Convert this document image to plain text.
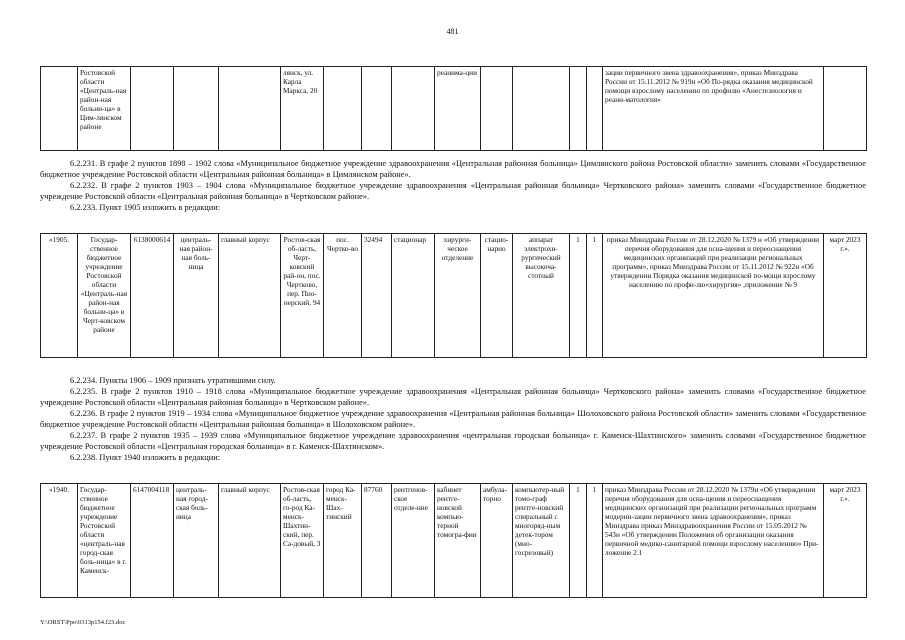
481
	Ростовской области «Централь-ная район-ная больни-ца» в Цим-лянском районе				лянск, ул. Карла Маркса, 20				реанима-ции					зации первичного звена здравоохранения», приказ Минздрава России от 15.11.2012 № 919н «Об По-рядка оказания медицинской помощи взрослому населению по профилю «Анестезиология и реани-матология»	
6.2.231. В графе 2 пунктов 1898 – 1902 слова «Муниципальное бюджетное учреждение здравоохранения «Центральная районная больница» Цимлянского района Ростовской области» заменить словами «Государственное бюджетное учреждение Ростовской области «Центральная районная больница» в Цимлянском районе».
6.2.232. В графе 2 пунктов 1903 – 1904 слова «Муниципальное бюджетное учреждение здравоохранения «Центральная районная больница» Чертковского района» заменить словами «Государственное бюджетное учреждение Ростовской области «Центральная районная больница» в Чертковском районе».
6.2.233. Пункт 1905 изложить в редакции:
«1905.	Государ-ственное бюджетное учреждение Ростовской области «Централь-ная район-ная больни-ца» в Черт-ковском районе	6138000614	централь-ная район-ная боль-ница	главный корпус	Ростов-ская об-ласть, Черт-ковский рай-он, пос. Чертково, пер. Пио-нерский, 94	пос. Чертко-во	32494	стационар	хирурги-ческое отделение	стацио-нарно	аппарат электрохи-рургический высокоча-стотный	1	1	приказ Минздрава России от 28.12.2020 № 1379 н «Об утверждении перечня оборудования для осна-щения и переоснащения медицинских организаций при реализации региональных программ», приказ Минздрава России от 15.11.2012 № 922н «Об утверждении Порядка оказания медицинской по-мощи взрослому населению по профи-лю«хирургия» ,приложение № 9	март 2023 г.».
6.2.234. Пункты 1906 – 1909 признать утратившими силу.
6.2.235. В графе 2 пунктов 1910 – 1918 слова «Муниципальное бюджетное учреждение здравоохранения «Центральная районная больница» Чертковского района» заменить словами «Государственное бюджетное учреждение Ростовской области «Центральная районная больница» в Чертковском районе».
6.2.236. В графе 2 пунктов 1919 – 1934 слова «Муниципальное бюджетное учреждение здравоохранения «Центральная районная больница» Шолоховского района Ростовской области» заменить словами «Государственное бюджетное учреждение Ростовской области «Центральная районная больница» в Шолоховском районе».
6.2.237. В графе 2 пунктов 1935 – 1939 слова «Муниципальное бюджетное учреждение здравоохранения «центральная городская больница» г. Каменск-Шахтинского» заменить словами «Государственное бюджетное учреждение Ростовской области «Центральная городская больница» в г. Каменск-Шахтинском».
6.2.238. Пункт 1940 изложить в редакции:
«1940.	Государ-ственное бюджетное учреждение Ростовской области «централь-ная город-ская боль-ница» в г. Каменск-	6147004118	централь-ная город-ская боль-ница	главный корпус	Ростов-ская об-ласть, го-род Ка-менск-Шахтин-ский, пер. Са-довый, 3	город Ка-менск-Шах-тинский	87760	рентгенов-ское отделе-ние	кабинет рентге-новской компью-терной томогра-фии	амбула-торно	компьютер-ный томо-граф рентге-новский спиральный с многоряд-ным детек-тором (мно-госрезовый)	1	1	приказ Минздрава России от 28.12.2020 № 1379н «Об утверждении перечня оборудования для осна-щения и переоснащения медицинских организаций при реализации региональных программ модерни-зации первичного звена здравоохранения», приказ Минздрава приказ Минздравоохранения России от 15.05.2012 № 543н «Об утверждении Положения об организации оказания первичной медико-санитарной помощи взрослому населению» При-ложение 2.1	март 2023 г.».
Y:\ORST\Ppo\0313p154.f23.doc
